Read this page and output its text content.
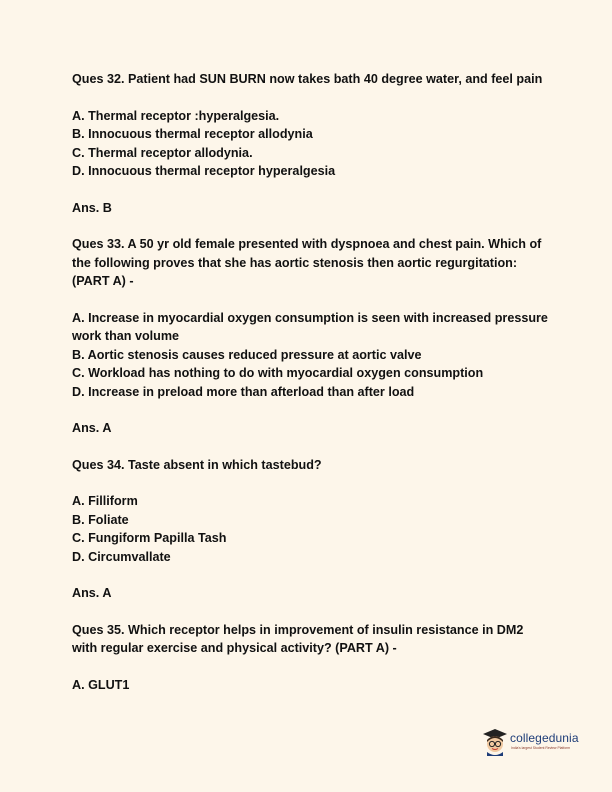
Ques 32. Patient had SUN BURN now takes bath 40 degree water, and feel pain

A. Thermal receptor :hyperalgesia.
B. Innocuous thermal receptor allodynia
C. Thermal receptor allodynia.
D. Innocuous thermal receptor hyperalgesia
Ans. B

Ques 33. A 50 yr old female presented with dyspnoea and chest pain. Which of the following proves that she has aortic stenosis then aortic regurgitation: (PART A) -

A. Increase in myocardial oxygen consumption is seen with increased pressure work than volume
B. Aortic stenosis causes reduced pressure at aortic valve
C. Workload has nothing to do with myocardial oxygen consumption
D. Increase in preload more than afterload than after load
Ans. A

Ques 34. Taste absent in which tastebud?

A. Filliform
B. Foliate
C. Fungiform Papilla Tash
D. Circumvallate
Ans. A

Ques 35. Which receptor helps in improvement of insulin resistance in DM2 with regular exercise and physical activity? (PART A) -

A. GLUT1
collegedunia
India's largest Student Review Platform
